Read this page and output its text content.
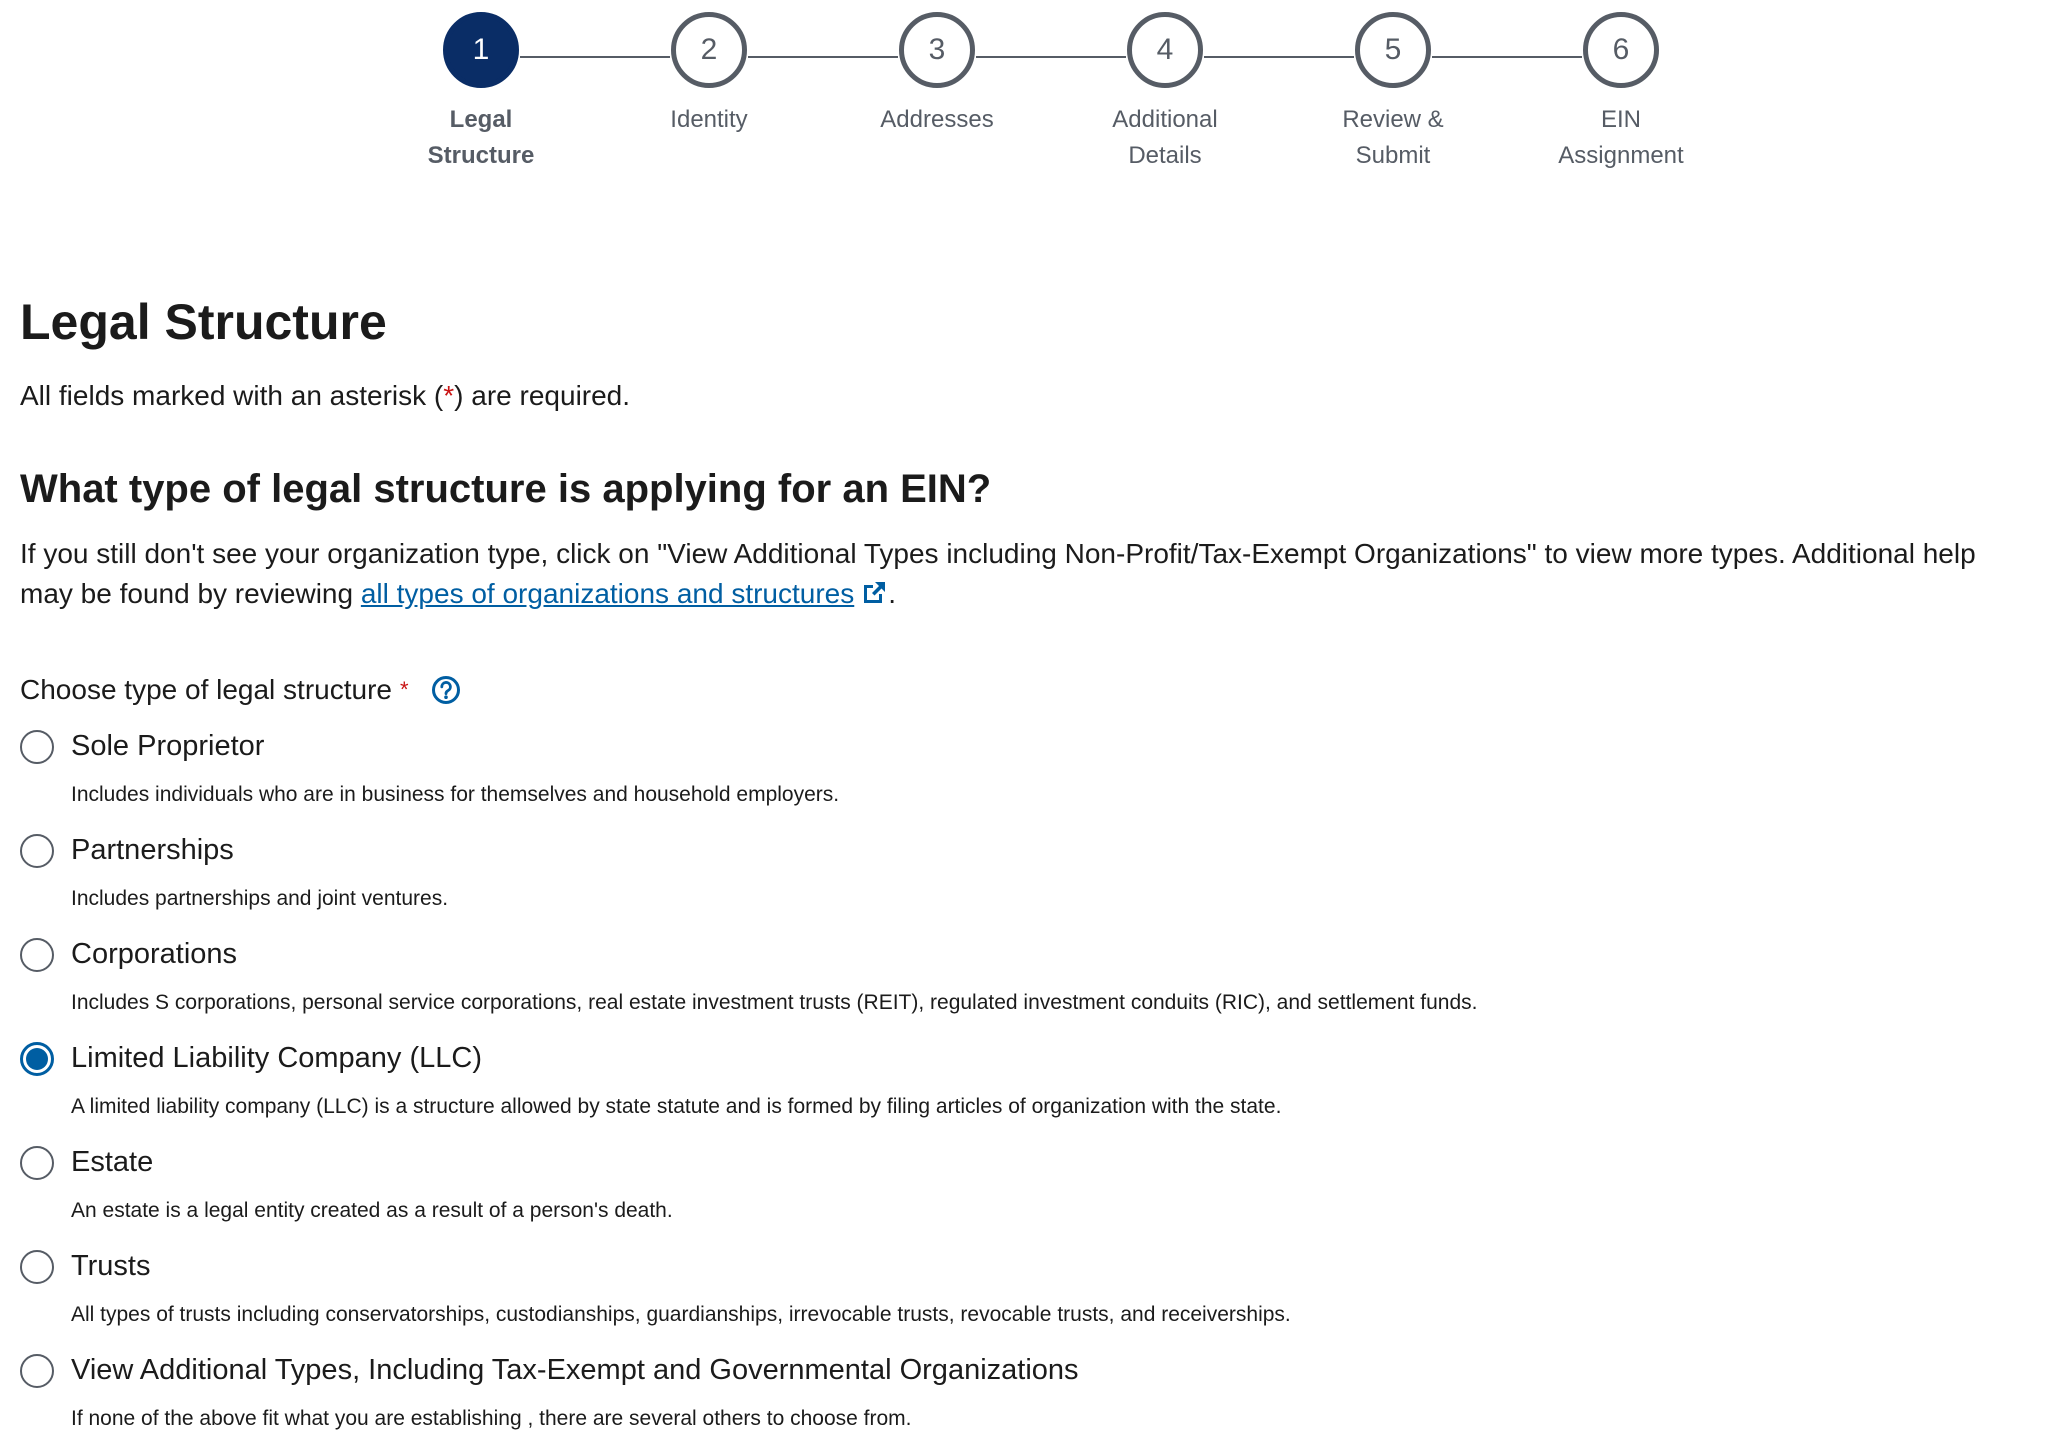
1
Legal
Structure
2
Identity
3
Addresses
4
Additional
Details
5
Review &
Submit
6
EIN
Assignment
Legal Structure

All fields marked with an asterisk (*) are required.

What type of legal structure is applying for an EIN?

If you still don't see your organization type, click on "View Additional Types including Non-Profit/Tax-Exempt Organizations" to view more types. Additional help may be found by reviewing all types of organizations and structures .

Choose type of legal structure *
Sole Proprietor
Includes individuals who are in business for themselves and household employers.
Partnerships
Includes partnerships and joint ventures.
Corporations
Includes S corporations, personal service corporations, real estate investment trusts (REIT), regulated investment conduits (RIC), and settlement funds.
Limited Liability Company (LLC)
A limited liability company (LLC) is a structure allowed by state statute and is formed by filing articles of organization with the state.
Estate
An estate is a legal entity created as a result of a person's death.
Trusts
All types of trusts including conservatorships, custodianships, guardianships, irrevocable trusts, revocable trusts, and receiverships.
View Additional Types, Including Tax-Exempt and Governmental Organizations
If none of the above fit what you are establishing , there are several others to choose from.
